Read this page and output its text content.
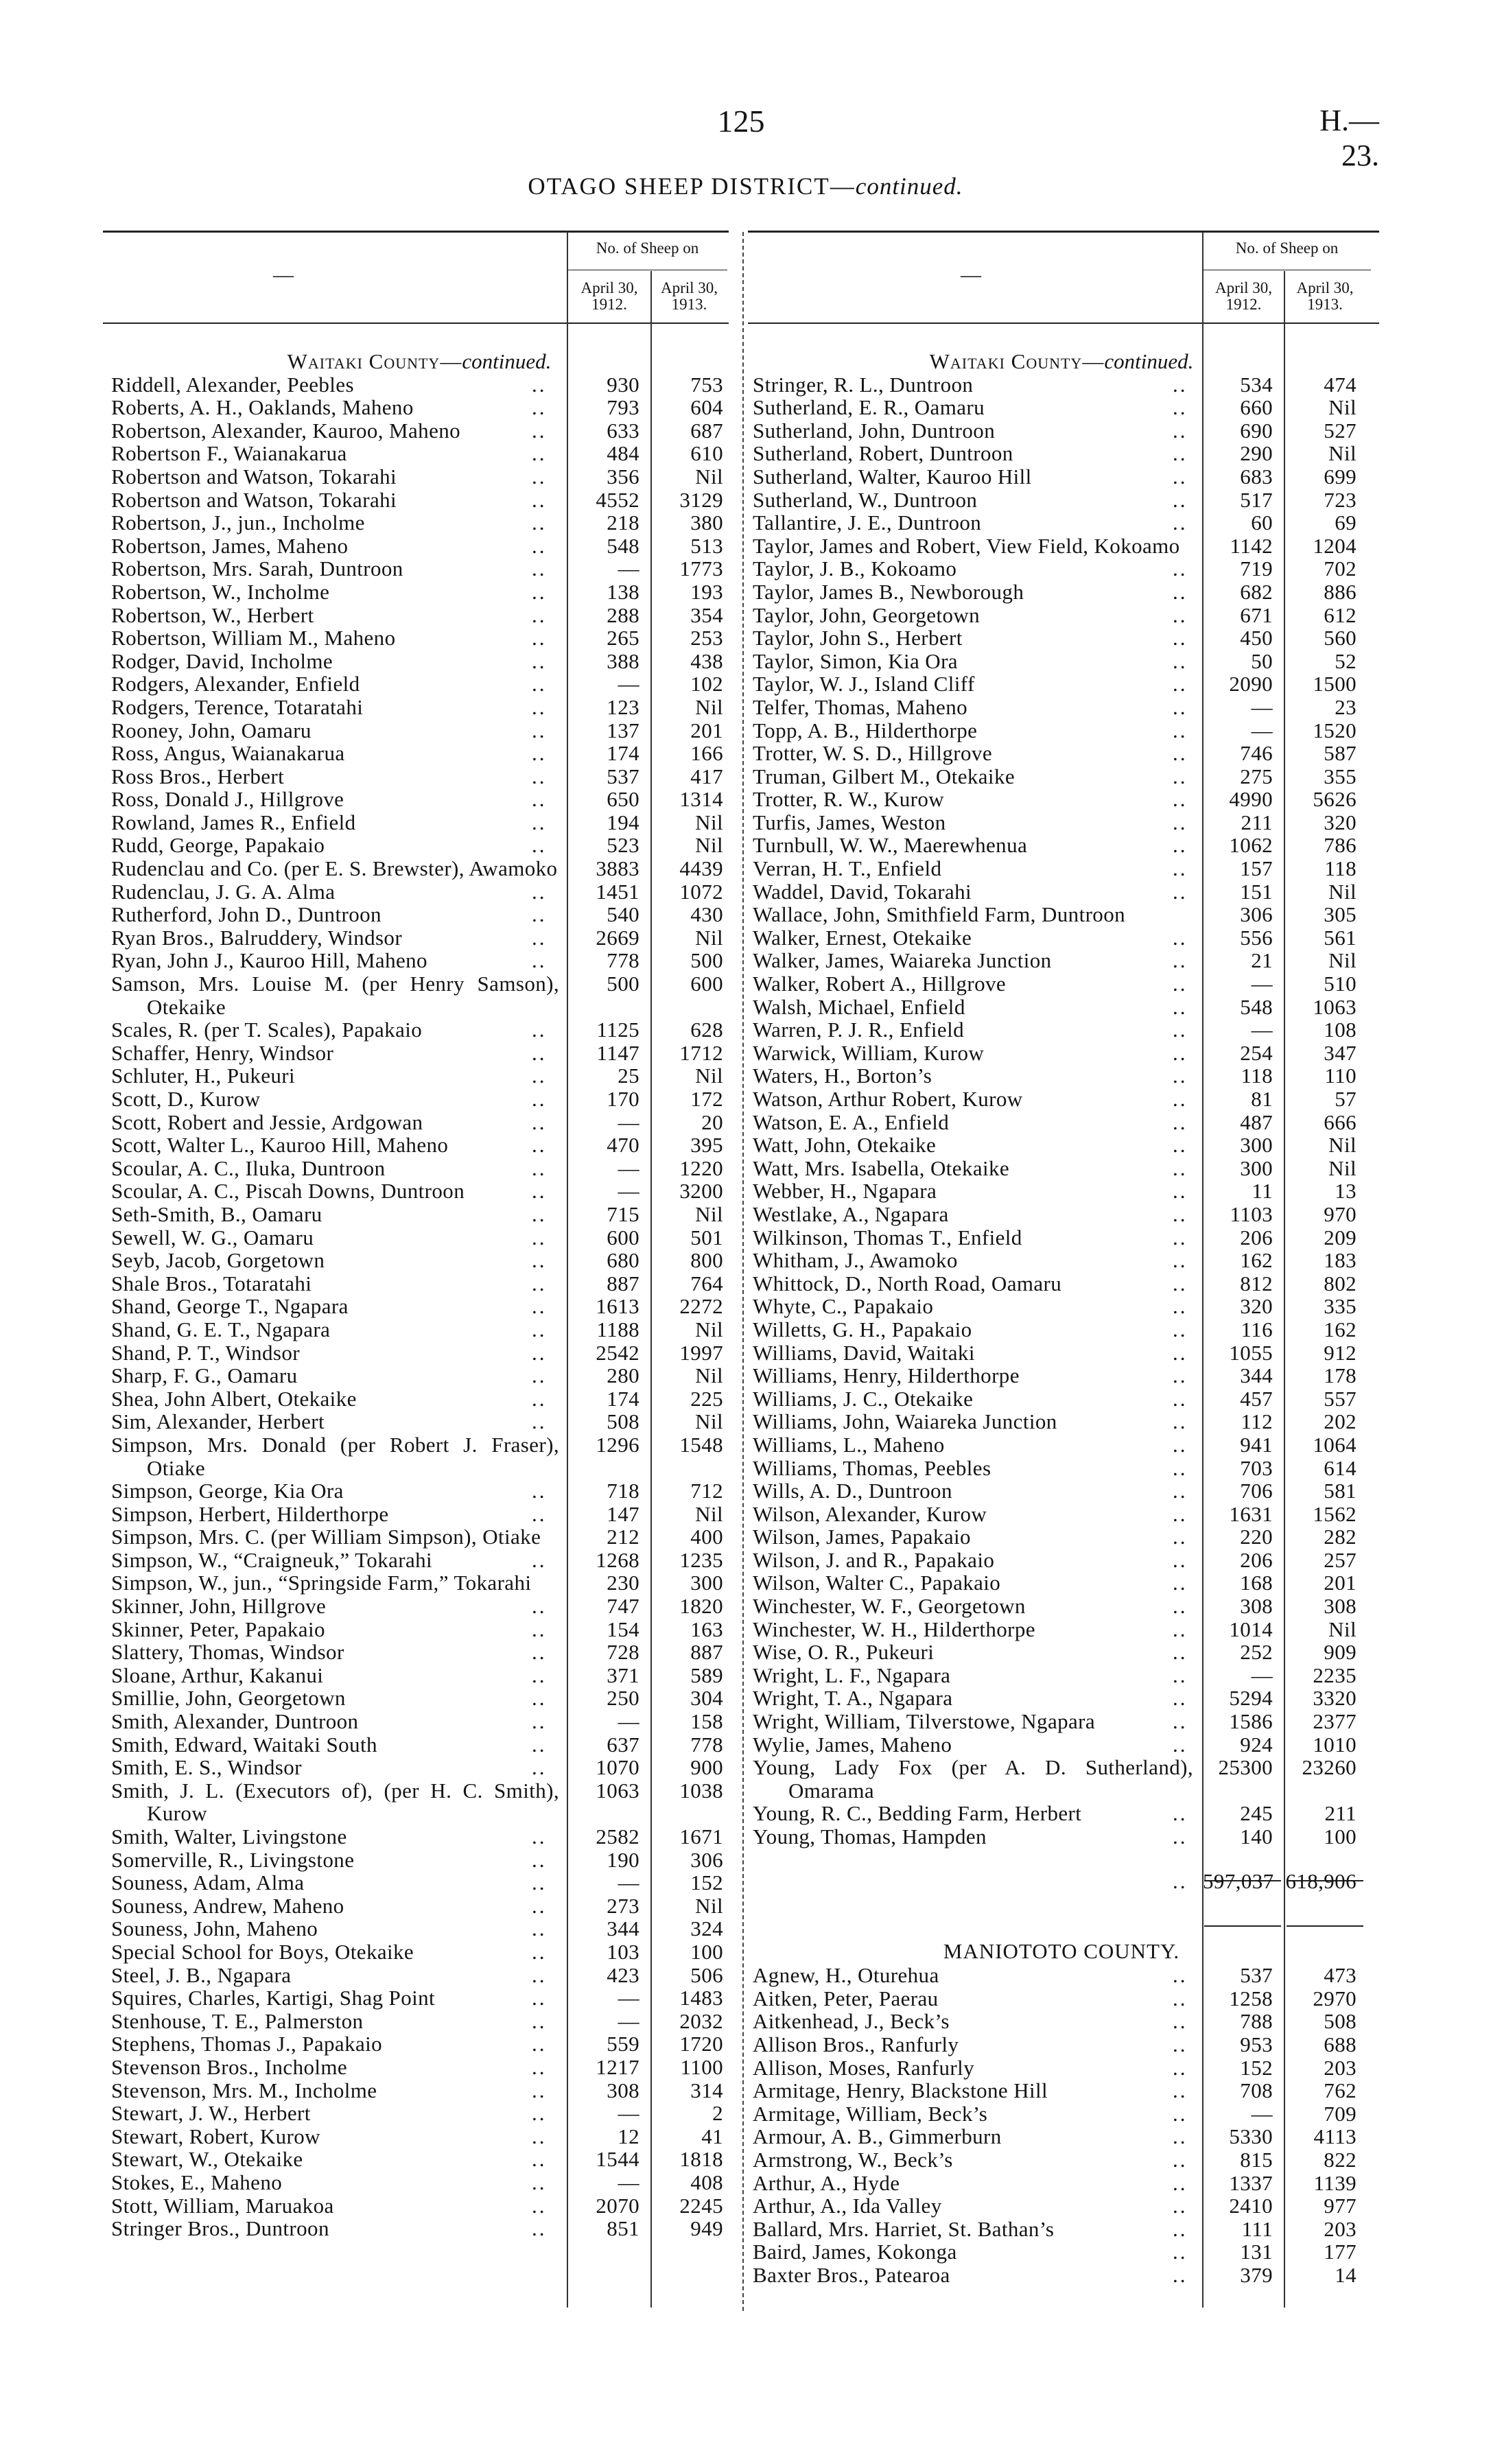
125	H.—23.
OTAGO SHEEP DISTRICT—continued.
—
No. of Sheep on
April 30,
1912.
April 30,
1913.
—
No. of Sheep on
April 30,
1912.
April 30,
1913.
Waitaki County—continued.
Riddell, Alexander, Peebles	..	930	753
Roberts, A. H., Oaklands, Maheno	..	793	604
Robertson, Alexander, Kauroo, Maheno	..	633	687
Robertson F., Waianakarua	..	484	610
Robertson and Watson, Tokarahi	..	356	Nil
Robertson and Watson, Tokarahi	..	4552	3129
Robertson, J., jun., Incholme	..	218	380
Robertson, James, Maheno	..	548	513
Robertson, Mrs. Sarah, Duntroon	..	—	1773
Robertson, W., Incholme	..	138	193
Robertson, W., Herbert	..	288	354
Robertson, William M., Maheno	..	265	253
Rodger, David, Incholme	..	388	438
Rodgers, Alexander, Enfield	..	—	102
Rodgers, Terence, Totaratahi	..	123	Nil
Rooney, John, Oamaru	..	137	201
Ross, Angus, Waianakarua	..	174	166
Ross Bros., Herbert	..	537	417
Ross, Donald J., Hillgrove	..	650	1314
Rowland, James R., Enfield	..	194	Nil
Rudd, George, Papakaio	..	523	Nil
Rudenclau and Co. (per E. S. Brewster), Awamoko	3883	4439
Rudenclau, J. G. A. Alma	..	1451	1072
Rutherford, John D., Duntroon	..	540	430
Ryan Bros., Balruddery, Windsor	..	2669	Nil
Ryan, John J., Kauroo Hill, Maheno	..	778	500
Samson, Mrs. Louise M. (per Henry Samson), Otekaike
500	600
Scales, R. (per T. Scales), Papakaio	..	1125	628
Schaffer, Henry, Windsor	..	1147	1712
Schluter, H., Pukeuri	..	25	Nil
Scott, D., Kurow	..	170	172
Scott, Robert and Jessie, Ardgowan	..	—	20
Scott, Walter L., Kauroo Hill, Maheno	..	470	395
Scoular, A. C., Iluka, Duntroon	..	—	1220
Scoular, A. C., Piscah Downs, Duntroon	..	—	3200
Seth-Smith, B., Oamaru	..	715	Nil
Sewell, W. G., Oamaru	..	600	501
Seyb, Jacob, Gorgetown	..	680	800
Shale Bros., Totaratahi	..	887	764
Shand, George T., Ngapara	..	1613	2272
Shand, G. E. T., Ngapara	..	1188	Nil
Shand, P. T., Windsor	..	2542	1997
Sharp, F. G., Oamaru	..	280	Nil
Shea, John Albert, Otekaike	..	174	225
Sim, Alexander, Herbert	..	508	Nil
Simpson, Mrs. Donald (per Robert J. Fraser), Otiake
1296	1548
Simpson, George, Kia Ora	..	718	712
Simpson, Herbert, Hilderthorpe	..	147	Nil
Simpson, Mrs. C. (per William Simpson), Otiake	212	400
Simpson, W., “Craigneuk,” Tokarahi	..	1268	1235
Simpson, W., jun., “Springside Farm,” Tokarahi	230	300
Skinner, John, Hillgrove	..	747	1820
Skinner, Peter, Papakaio	..	154	163
Slattery, Thomas, Windsor	..	728	887
Sloane, Arthur, Kakanui	..	371	589
Smillie, John, Georgetown	..	250	304
Smith, Alexander, Duntroon	..	—	158
Smith, Edward, Waitaki South	..	637	778
Smith, E. S., Windsor	..	1070	900
Smith, J. L. (Executors of), (per H. C. Smith), Kurow
1063	1038
Smith, Walter, Livingstone	..	2582	1671
Somerville, R., Livingstone	..	190	306
Souness, Adam, Alma	..	—	152
Souness, Andrew, Maheno	..	273	Nil
Souness, John, Maheno	..	344	324
Special School for Boys, Otekaike	..	103	100
Steel, J. B., Ngapara	..	423	506
Squires, Charles, Kartigi, Shag Point	..	—	1483
Stenhouse, T. E., Palmerston	..	—	2032
Stephens, Thomas J., Papakaio	..	559	1720
Stevenson Bros., Incholme	..	1217	1100
Stevenson, Mrs. M., Incholme	..	308	314
Stewart, J. W., Herbert	..	—	2
Stewart, Robert, Kurow	..	12	41
Stewart, W., Otekaike	..	1544	1818
Stokes, E., Maheno	..	—	408
Stott, William, Maruakoa	..	2070	2245
Stringer Bros., Duntroon	..	851	949
Waitaki County—continued.
Stringer, R. L., Duntroon	..	534	474
Sutherland, E. R., Oamaru	..	660	Nil
Sutherland, John, Duntroon	..	690	527
Sutherland, Robert, Duntroon	..	290	Nil
Sutherland, Walter, Kauroo Hill	..	683	699
Sutherland, W., Duntroon	..	517	723
Tallantire, J. E., Duntroon	..	60	69
Taylor, James and Robert, View Field, Kokoamo	1142	1204
Taylor, J. B., Kokoamo	..	719	702
Taylor, James B., Newborough	..	682	886
Taylor, John, Georgetown	..	671	612
Taylor, John S., Herbert	..	450	560
Taylor, Simon, Kia Ora	..	50	52
Taylor, W. J., Island Cliff	..	2090	1500
Telfer, Thomas, Maheno	..	—	23
Topp, A. B., Hilderthorpe	..	—	1520
Trotter, W. S. D., Hillgrove	..	746	587
Truman, Gilbert M., Otekaike	..	275	355
Trotter, R. W., Kurow	..	4990	5626
Turfis, James, Weston	..	211	320
Turnbull, W. W., Maerewhenua	..	1062	786
Verran, H. T., Enfield	..	157	118
Waddel, David, Tokarahi	..	151	Nil
Wallace, John, Smithfield Farm, Duntroon	306	305
Walker, Ernest, Otekaike	..	556	561
Walker, James, Waiareka Junction	..	21	Nil
Walker, Robert A., Hillgrove	..	—	510
Walsh, Michael, Enfield	..	548	1063
Warren, P. J. R., Enfield	..	—	108
Warwick, William, Kurow	..	254	347
Waters, H., Borton’s	..	118	110
Watson, Arthur Robert, Kurow	..	81	57
Watson, E. A., Enfield	..	487	666
Watt, John, Otekaike	..	300	Nil
Watt, Mrs. Isabella, Otekaike	..	300	Nil
Webber, H., Ngapara	..	11	13
Westlake, A., Ngapara	..	1103	970
Wilkinson, Thomas T., Enfield	..	206	209
Whitham, J., Awamoko	..	162	183
Whittock, D., North Road, Oamaru	..	812	802
Whyte, C., Papakaio	..	320	335
Willetts, G. H., Papakaio	..	116	162
Williams, David, Waitaki	..	1055	912
Williams, Henry, Hilderthorpe	..	344	178
Williams, J. C., Otekaike	..	457	557
Williams, John, Waiareka Junction	..	112	202
Williams, L., Maheno	..	941	1064
Williams, Thomas, Peebles	..	703	614
Wills, A. D., Duntroon	..	706	581
Wilson, Alexander, Kurow	..	1631	1562
Wilson, James, Papakaio	..	220	282
Wilson, J. and R., Papakaio	..	206	257
Wilson, Walter C., Papakaio	..	168	201
Winchester, W. F., Georgetown	..	308	308
Winchester, W. H., Hilderthorpe	..	1014	Nil
Wise, O. R., Pukeuri	..	252	909
Wright, L. F., Ngapara	..	—	2235
Wright, T. A., Ngapara	..	5294	3320
Wright, William, Tilverstowe, Ngapara	..	1586	2377
Wylie, James, Maheno	..	924	1010
Young, Lady Fox (per A. D. Sutherland), Omarama
25300	23260
Young, R. C., Bedding Farm, Herbert	..	245	211
Young, Thomas, Hampden	..	140	100
.. 597,037 618,906
MANIOTOTO COUNTY.
Agnew, H., Oturehua	..	537	473
Aitken, Peter, Paerau	..	1258	2970
Aitkenhead, J., Beck’s	..	788	508
Allison Bros., Ranfurly	..	953	688
Allison, Moses, Ranfurly	..	152	203
Armitage, Henry, Blackstone Hill	..	708	762
Armitage, William, Beck’s	..	—	709
Armour, A. B., Gimmerburn	..	5330	4113
Armstrong, W., Beck’s	..	815	822
Arthur, A., Hyde	..	1337	1139
Arthur, A., Ida Valley	..	2410	977
Ballard, Mrs. Harriet, St. Bathan’s	..	111	203
Baird, James, Kokonga	..	131	177
Baxter Bros., Patearoa	..	379	14
